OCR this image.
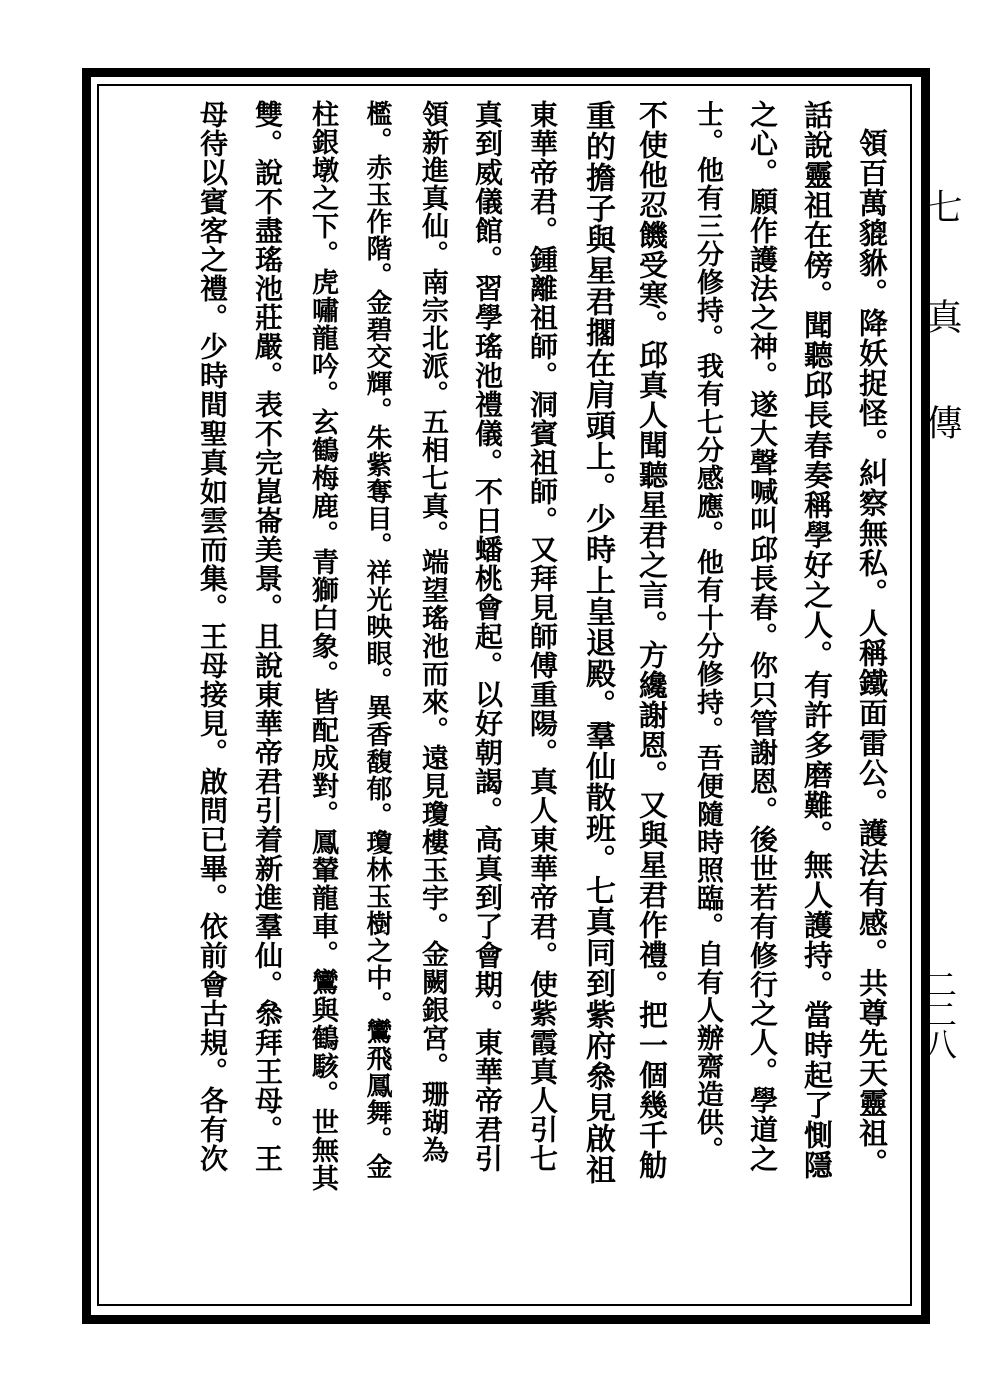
七
真
傳
二二八
領百萬貔貅。降妖捉怪。糾察無私。人稱鐵面雷公。護法有感。共尊先天靈祖。
話說靈祖在傍。聞聽邱長春奏稱學好之人。有許多磨難。無人護持。當時起了惻隱
之心。願作護法之神。遂大聲喊叫邱長春。你只管謝恩。後世若有修行之人。學道之
士。他有三分修持。我有七分感應。他有十分修持。吾便隨時照臨。自有人辦齋造供。
不使他忍饑受寒。邱真人聞聽星君之言。方纔謝恩。又與星君作禮。把一個幾千觔
重的擔子與星君擱在肩頭上。少時上皇退殿。羣仙散班。七真同到紫府叅見啟祖
東華帝君。鍾離祖師。洞賓祖師。又拜見師傅重陽。真人東華帝君。使紫霞真人引七
真到威儀館。習學瑤池禮儀。不日蟠桃會起。以好朝謁。高真到了會期。東華帝君引
領新進真仙。南宗北派。五相七真。端望瑤池而來。遠見瓊樓玉宇。金闕銀宮。珊瑚為
檻。赤玉作階。金碧交輝。朱紫奪目。祥光映眼。異香馥郁。瓊林玉樹之中。鸞飛鳳舞。金
柱銀墩之下。虎嘯龍吟。玄鶴梅鹿。青獅白象。皆配成對。鳳輦龍車。鸞與鶴駭。世無其
雙。說不盡瑤池莊嚴。表不完崑崙美景。且說東華帝君引着新進羣仙。叅拜王母。王
母待以賓客之禮。少時間聖真如雲而集。王母接見。啟問已畢。依前會古規。各有次
